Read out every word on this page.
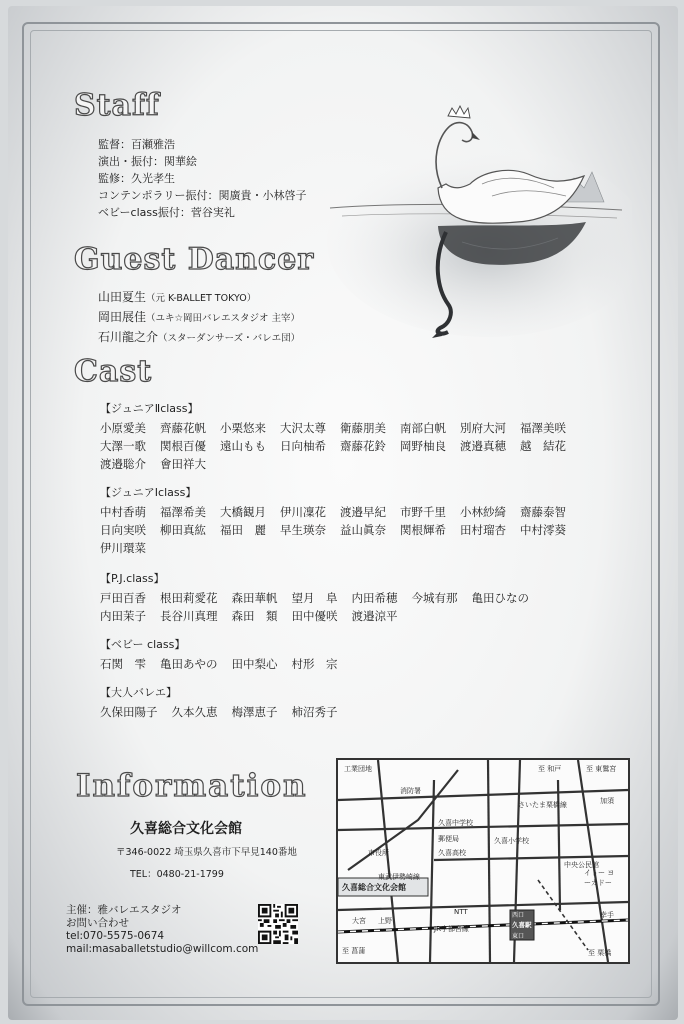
Staff
監督：百瀬雅浩
演出・振付：関華絵
監修：久光孝生
コンテンポラリー振付：関廣貴・小林啓子
ベビーclass振付：菅谷実礼
Guest Dancer
山田夏生（元 K-BALLET TOKYO）
岡田展佳（ユキ☆岡田バレエスタジオ 主宰）
石川龍之介（スターダンサーズ・バレエ団）
Cast
【ジュニアⅡclass】
小原愛美 齊藤花帆 小栗悠来 大沢太尊 衛藤朋美 南部白帆 別府大河 福澤美咲
大澤一歌 関根百優 遠山もも 日向柚希 齋藤花鈴 岡野柚良 渡邉真穂 越　結花
渡邉聡介 會田祥大
【ジュニアⅠclass】
中村香萌 福澤希美 大橋観月 伊川凜花 渡邉早紀 市野千里 小林紗綺 齋藤泰智
日向実咲 柳田真紘 福田　麗 早生瑛奈 益山眞奈 関根輝希 田村瑠杏 中村澪葵
伊川環菜
【P.J.class】
戸田百香 根田莉愛花 森田華帆 望月　阜 内田希穂 今城有那 亀田ひなの
内田茉子 長谷川真理 森田　類 田中優咲 渡邉涼平
【ベビー class】
石関　雫 亀田あやの 田中梨心 村形　宗
【大人バレエ】
久保田陽子 久本久恵 梅澤恵子 柿沼秀子
Information
久喜総合文化会館
〒346-0022 埼玉県久喜市下早見140番地
TEL：0480-21-1799
主催：雅バレエスタジオ
お問い合わせ
tel:070-5575-0674
mail:masaballetstudio@willcom.com
久喜総合文化会館
西口
久喜駅
東口
工業団地
消防署
久喜中学校
郵便局
久喜高校
久喜小学校
市役所
中央公民館
イトー ヨーカドー
NTT
JR宇都宮線
東武伊勢崎線
さいたま栗橋線	加須
幸手
大宮 上野
至 東鷲宮
至 和戸
至 菖蒲	至 栗橋
